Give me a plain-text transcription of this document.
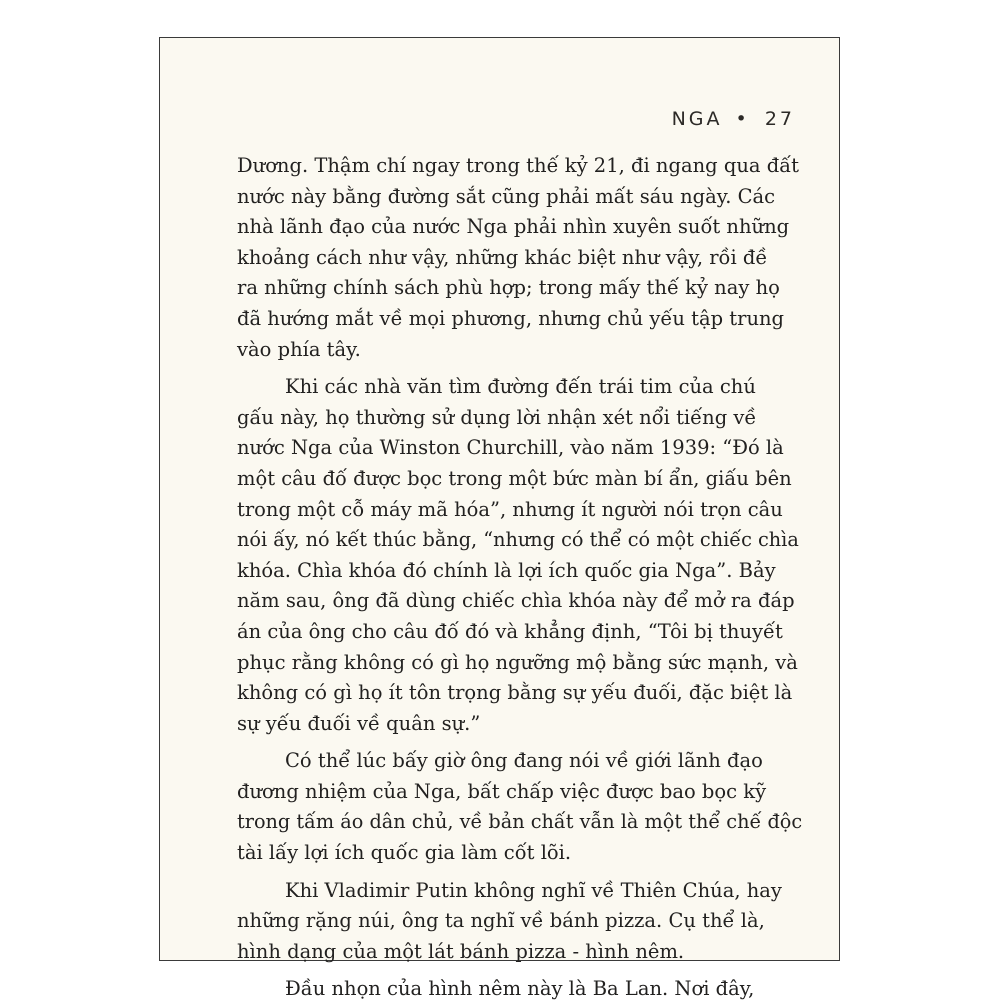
NGA • 27
Dương. Thậm chí ngay trong thế kỷ 21, đi ngang qua đất
nước này bằng đường sắt cũng phải mất sáu ngày. Các
nhà lãnh đạo của nước Nga phải nhìn xuyên suốt những
khoảng cách như vậy, những khác biệt như vậy, rồi đề
ra những chính sách phù hợp; trong mấy thế kỷ nay họ
đã hướng mắt về mọi phương, nhưng chủ yếu tập trung
vào phía tây.
Khi các nhà văn tìm đường đến trái tim của chú
gấu này, họ thường sử dụng lời nhận xét nổi tiếng về
nước Nga của Winston Churchill, vào năm 1939: “Đó là
một câu đố được bọc trong một bức màn bí ẩn, giấu bên
trong một cỗ máy mã hóa”, nhưng ít người nói trọn câu
nói ấy, nó kết thúc bằng, “nhưng có thể có một chiếc chìa
khóa. Chìa khóa đó chính là lợi ích quốc gia Nga”. Bảy
năm sau, ông đã dùng chiếc chìa khóa này để mở ra đáp
án của ông cho câu đố đó và khẳng định, “Tôi bị thuyết
phục rằng không có gì họ ngưỡng mộ bằng sức mạnh, và
không có gì họ ít tôn trọng bằng sự yếu đuối, đặc biệt là
sự yếu đuối về quân sự.”
Có thể lúc bấy giờ ông đang nói về giới lãnh đạo
đương nhiệm của Nga, bất chấp việc được bao bọc kỹ
trong tấm áo dân chủ, về bản chất vẫn là một thể chế độc
tài lấy lợi ích quốc gia làm cốt lõi.
Khi Vladimir Putin không nghĩ về Thiên Chúa, hay
những rặng núi, ông ta nghĩ về bánh pizza. Cụ thể là,
hình dạng của một lát bánh pizza - hình nêm.
Đầu nhọn của hình nêm này là Ba Lan. Nơi đây,
